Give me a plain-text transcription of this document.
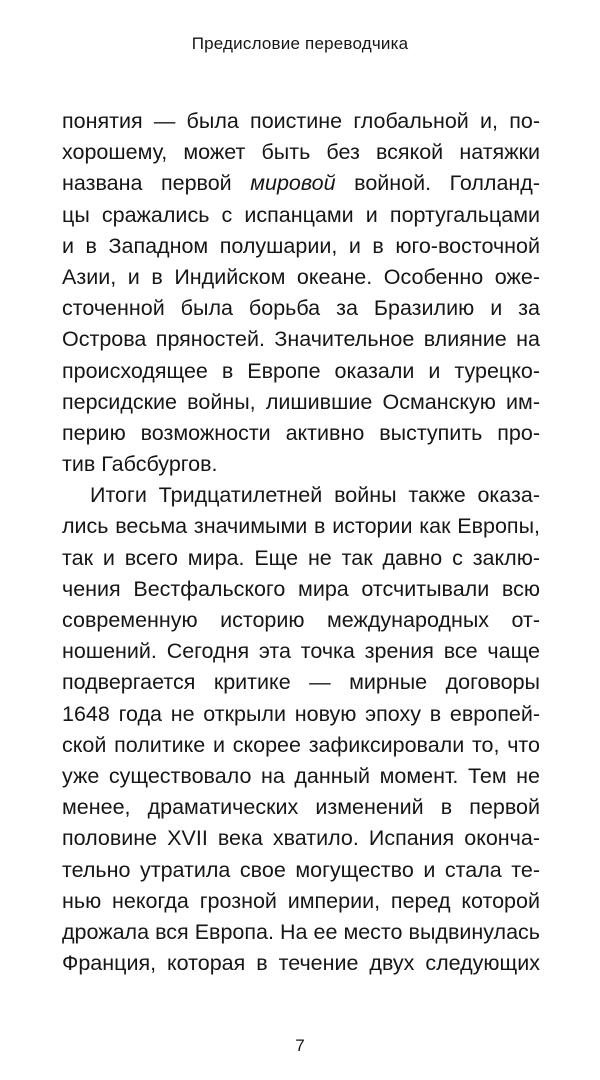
Предисловие переводчика
понятия — была поистине глобальной и, по-
хорошему, может быть без всякой натяжки
названа первой мировой войной. Голланд-
цы сражались с испанцами и португальцами
и в Западном полушарии, и в юго-восточной
Азии, и в Индийском океане. Особенно оже-
сточенной была борьба за Бразилию и за
Острова пряностей. Значительное влияние на
происходящее в Европе оказали и турецко-
персидские войны, лишившие Османскую им-
перию возможности активно выступить про-
тив Габсбургов.
Итоги Тридцатилетней войны также оказа-
лись весьма значимыми в истории как Европы,
так и всего мира. Еще не так давно с заклю-
чения Вестфальского мира отсчитывали всю
современную историю международных от-
ношений. Сегодня эта точка зрения все чаще
подвергается критике — мирные договоры
1648 года не открыли новую эпоху в европей-
ской политике и скорее зафиксировали то, что
уже существовало на данный момент. Тем не
менее, драматических изменений в первой
половине XVII века хватило. Испания оконча-
тельно утратила свое могущество и стала те-
нью некогда грозной империи, перед которой
дрожала вся Европа. На ее место выдвинулась
Франция, которая в течение двух следующих
7
